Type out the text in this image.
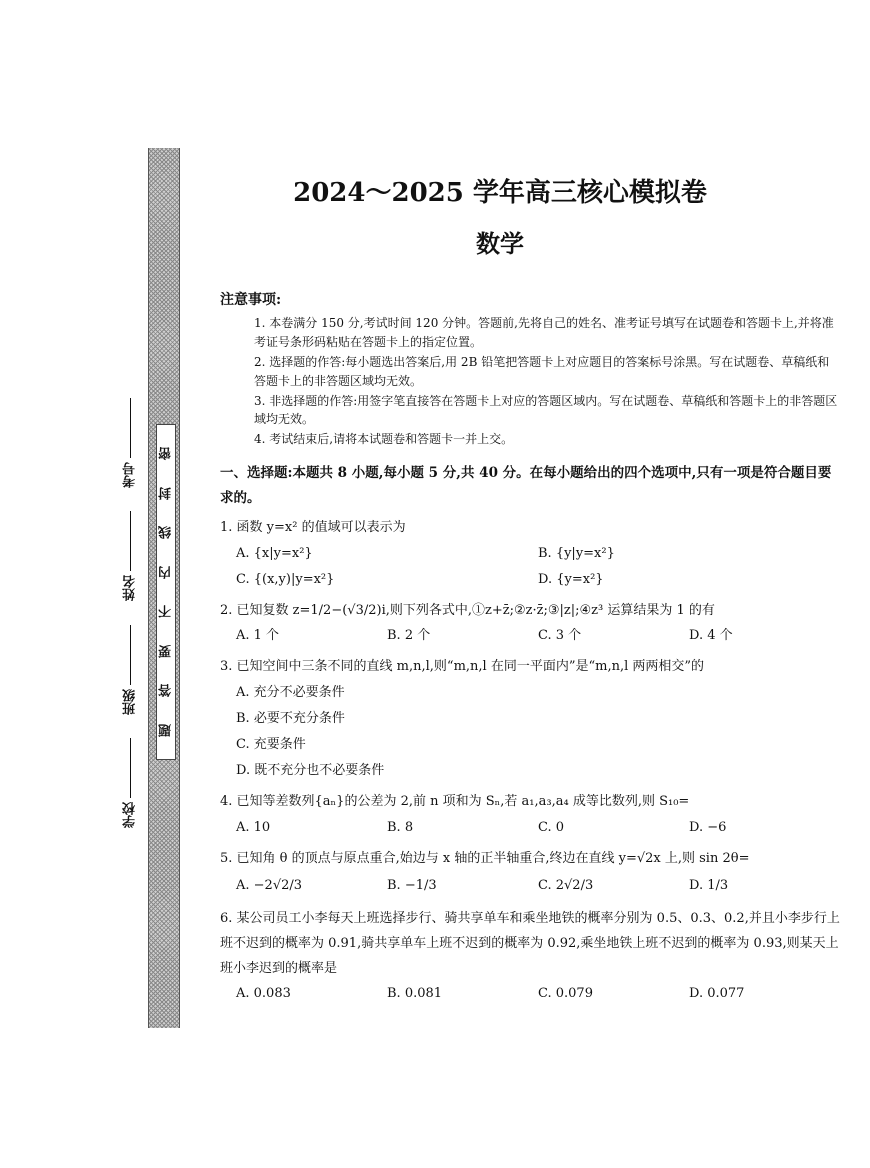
密
封
线
内
不
要
答
题
考号
姓名
班级
学校
2024～2025 学年高三核心模拟卷
数学
注意事项:
1. 本卷满分 150 分,考试时间 120 分钟。答题前,先将自己的姓名、准考证号填写在试题卷和答题卡上,并将准考证号条形码粘贴在答题卡上的指定位置。
2. 选择题的作答:每小题选出答案后,用 2B 铅笔把答题卡上对应题目的答案标号涂黑。写在试题卷、草稿纸和答题卡上的非答题区域均无效。
3. 非选择题的作答:用签字笔直接答在答题卡上对应的答题区域内。写在试题卷、草稿纸和答题卡上的非答题区域均无效。
4. 考试结束后,请将本试题卷和答题卡一并上交。
一、选择题:本题共 8 小题,每小题 5 分,共 40 分。在每小题给出的四个选项中,只有一项是符合题目要求的。
1. 函数 y=x² 的值域可以表示为
A. {x|y=x²}	B. {y|y=x²}
C. {(x,y)|y=x²}	D. {y=x²}
2. 已知复数 z=1/2−(√3/2)i,则下列各式中,①z+z̄;②z·z̄;③|z|;④z³ 运算结果为 1 的有
A. 1 个	B. 2 个	C. 3 个	D. 4 个
3. 已知空间中三条不同的直线 m,n,l,则“m,n,l 在同一平面内”是“m,n,l 两两相交”的
A. 充分不必要条件
B. 必要不充分条件
C. 充要条件
D. 既不充分也不必要条件
4. 已知等差数列{aₙ}的公差为 2,前 n 项和为 Sₙ,若 a₁,a₃,a₄ 成等比数列,则 S₁₀=
A. 10	B. 8	C. 0	D. −6
5. 已知角 θ 的顶点与原点重合,始边与 x 轴的正半轴重合,终边在直线 y=√2x 上,则 sin 2θ=
A. −2√2/3	B. −1/3	C. 2√2/3	D. 1/3
6. 某公司员工小李每天上班选择步行、骑共享单车和乘坐地铁的概率分别为 0.5、0.3、0.2,并且小李步行上班不迟到的概率为 0.91,骑共享单车上班不迟到的概率为 0.92,乘坐地铁上班不迟到的概率为 0.93,则某天上班小李迟到的概率是
A. 0.083	B. 0.081	C. 0.079	D. 0.077
